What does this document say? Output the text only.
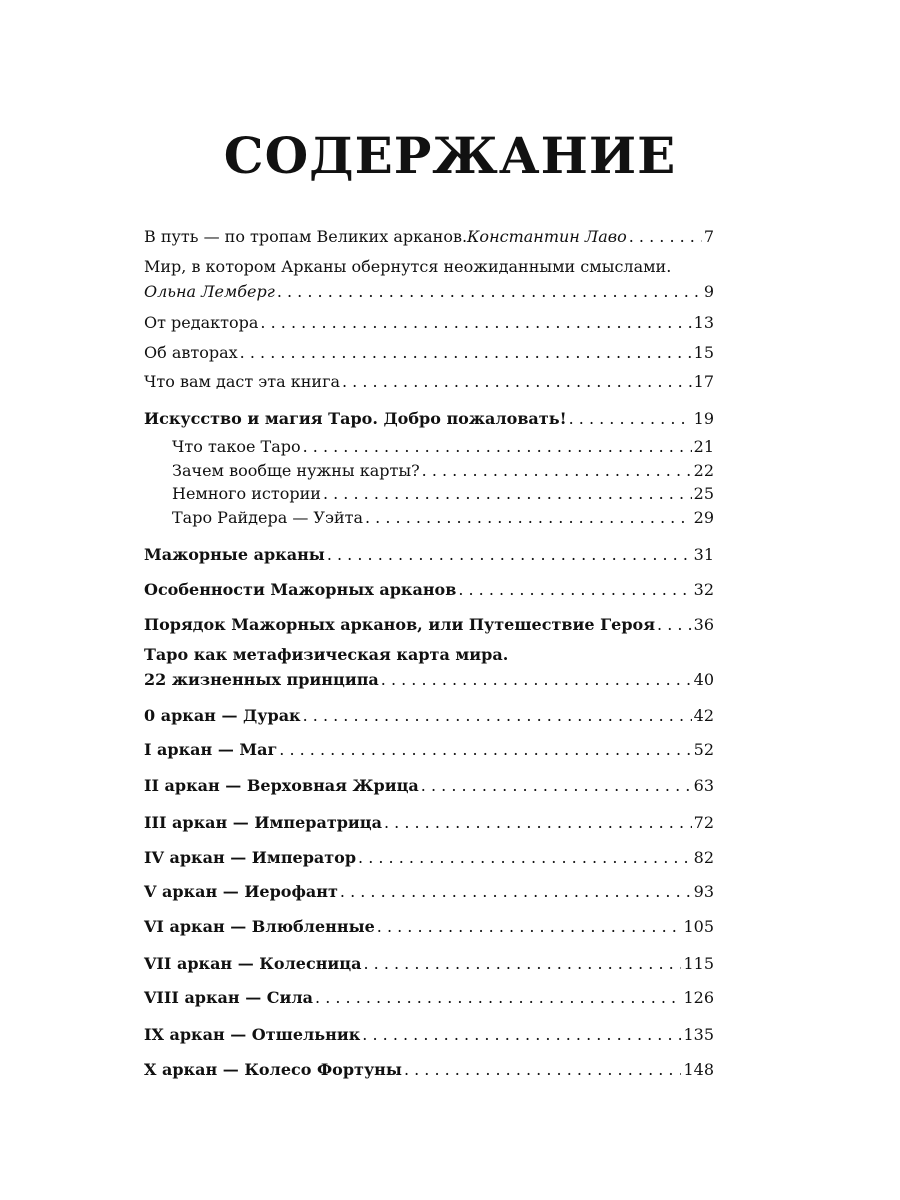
СОДЕРЖАНИЕ
В путь — по тропам Великих арканов. Константин Лаво . . .	7
Мир, в котором Арканы обернутся неожиданными смыслами.
Ольна Лемберг . . .	9
От редактора . . .	13
Об авторах . . .	15
Что вам даст эта книга . . .	17
Искусство и магия Таро. Добро пожаловать! . . .	19
Что такое Таро . . .	21
Зачем вообще нужны карты? . . .	22
Немного истории . . .	25
Таро Райдера — Уэйта . . .	29
Мажорные арканы . . .	31
Особенности Мажорных арканов . . .	32
Порядок Мажорных арканов, или Путешествие Героя . . . 36
Таро как метафизическая карта мира.
22 жизненных принципа . . .	40
0 аркан — Дурак . . .	42
I аркан — Маг . . .	52
II аркан — Верховная Жрица . . .	63
III аркан — Императрица . . .	72
IV аркан — Император . . .	82
V аркан — Иерофант . . .	93
VI аркан — Влюбленные . . .	105
VII аркан — Колесница . . .	115
VIII аркан — Сила . . .	126
IX аркан — Отшельник . . .	135
X аркан — Колесо Фортуны . . .	148
